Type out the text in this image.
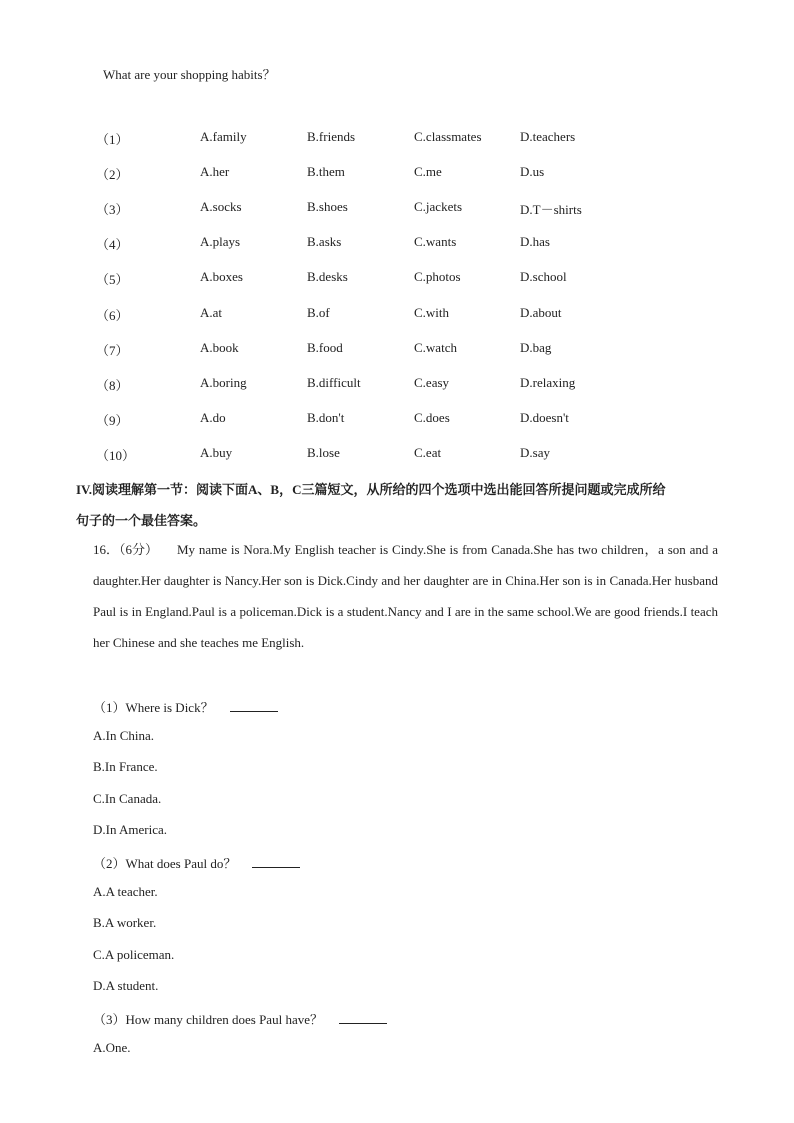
What are your shopping habits？
（1）	A.family	B.friends	C.classmates	D.teachers
（2）	A.her	B.them	C.me	D.us
（3）	A.socks	B.shoes	C.jackets	D.T－shirts
（4）	A.plays	B.asks	C.wants	D.has
（5）	A.boxes	B.desks	C.photos	D.school
（6）	A.at	B.of	C.with	D.about
（7）	A.book	B.food	C.watch	D.bag
（8）	A.boring	B.difficult	C.easy	D.relaxing
（9）	A.do	B.don't	C.does	D.doesn't
（10）	A.buy	B.lose	C.eat	D.say
IV.阅读理解第一节：阅读下面A、B，C三篇短文，从所给的四个选项中选出能回答所提问题或完成所给
句子的一个最佳答案。
16．（6分） My name is Nora.My English teacher is Cindy.She is from Canada.She has two children，a son and a daughter.Her daughter is Nancy.Her son is Dick.Cindy and her daughter are in China.Her son is in Canada.Her husband Paul is in England.Paul is a policeman.Dick is a student.Nancy and I are in the same school.We are good friends.I teach her Chinese and she teaches me English.
（1）Where is Dick？
A.In China.
B.In France.
C.In Canada.
D.In America.
（2）What does Paul do？
A.A teacher.
B.A worker.
C.A policeman.
D.A student.
（3）How many children does Paul have？
A.One.
